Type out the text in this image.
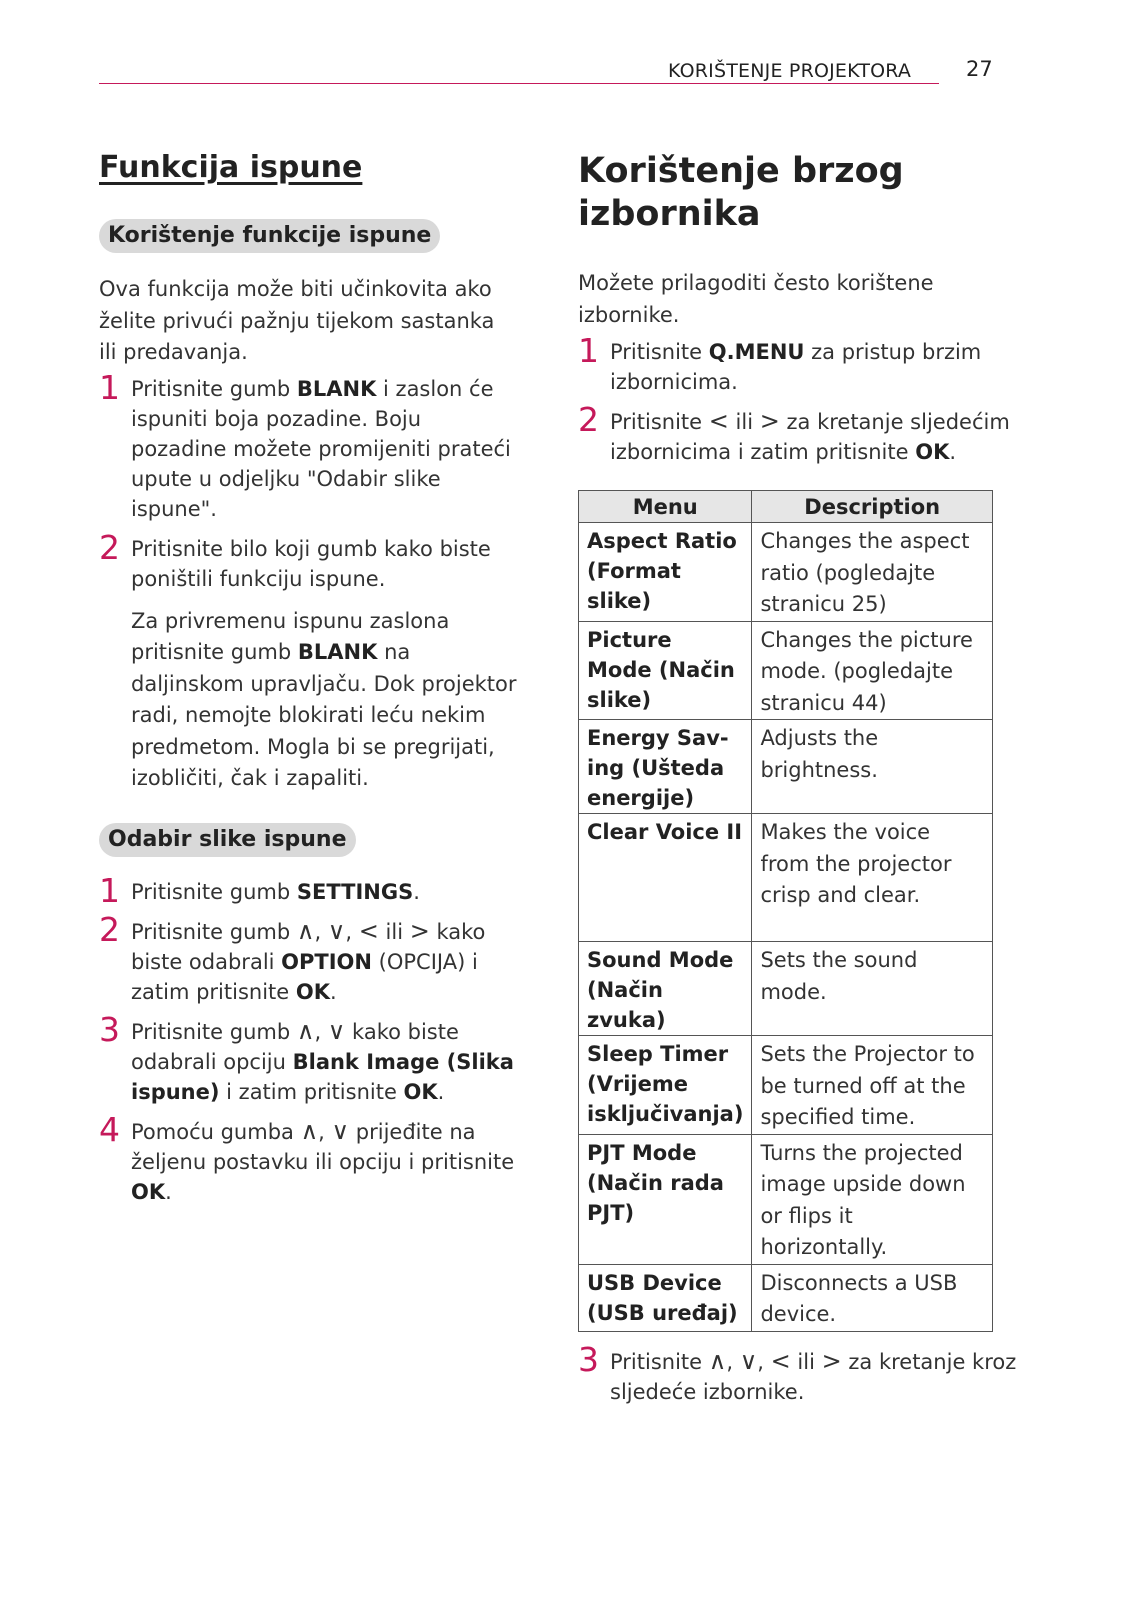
KORIŠTENJE PROJEKTORA	27
Funkcija ispune
Korištenje funkcije ispune

Ova funkcija može biti učinkovita ako želite privući pažnju tijekom sastanka ili predavanja.

1 Pritisnite gumb BLANK i zaslon će ispuniti boja pozadine. Boju pozadine možete promijeniti prateći upute u odjeljku "Odabir slike ispune".
2 Pritisnite bilo koji gumb kako biste poništili funkciju ispune.
Za privremenu ispunu zaslona pritisnite gumb BLANK na daljinskom upravljaču. Dok projektor radi, nemojte blokirati leću nekim predmetom. Mogla bi se pregrijati, izobličiti, čak i zapaliti.
Odabir slike ispune
1 Pritisnite gumb SETTINGS.
2 Pritisnite gumb ∧, ∨, < ili > kako biste odabrali OPTION (OPCIJA) i zatim pritisnite OK.
3 Pritisnite gumb ∧, ∨ kako biste odabrali opciju Blank Image (Slika ispune) i zatim pritisnite OK.
4 Pomoću gumba ∧, ∨ prijeđite na željenu postavku ili opciju i pritisnite OK.
Korištenje brzog izbornika

Možete prilagoditi često korištene izbornike.

1 Pritisnite Q.MENU za pristup brzim izbornicima.
2 Pritisnite < ili > za kretanje sljedećim izbornicima i zatim pritisnite OK.
Menu	Description
Aspect Ratio (Format slike)	Changes the aspect ratio (pogledajte stranicu 25)
Picture Mode (Način slike)	Changes the picture mode. (pogledajte stranicu 44)
Energy Sav-ing (Ušteda energije)	Adjusts the brightness.
Clear Voice II	Makes the voice from the projector crisp and clear.
Sound Mode (Način zvuka)	Sets the sound mode.
Sleep Timer (Vrijeme isključivanja)	Sets the Projector to be turned off at the specified time.
PJT Mode (Način rada PJT)	Turns the projected image upside down or flips it horizontally.
USB Device (USB uređaj)	Disconnects a USB device.
3 Pritisnite ∧, ∨, < ili > za kretanje kroz sljedeće izbornike.
